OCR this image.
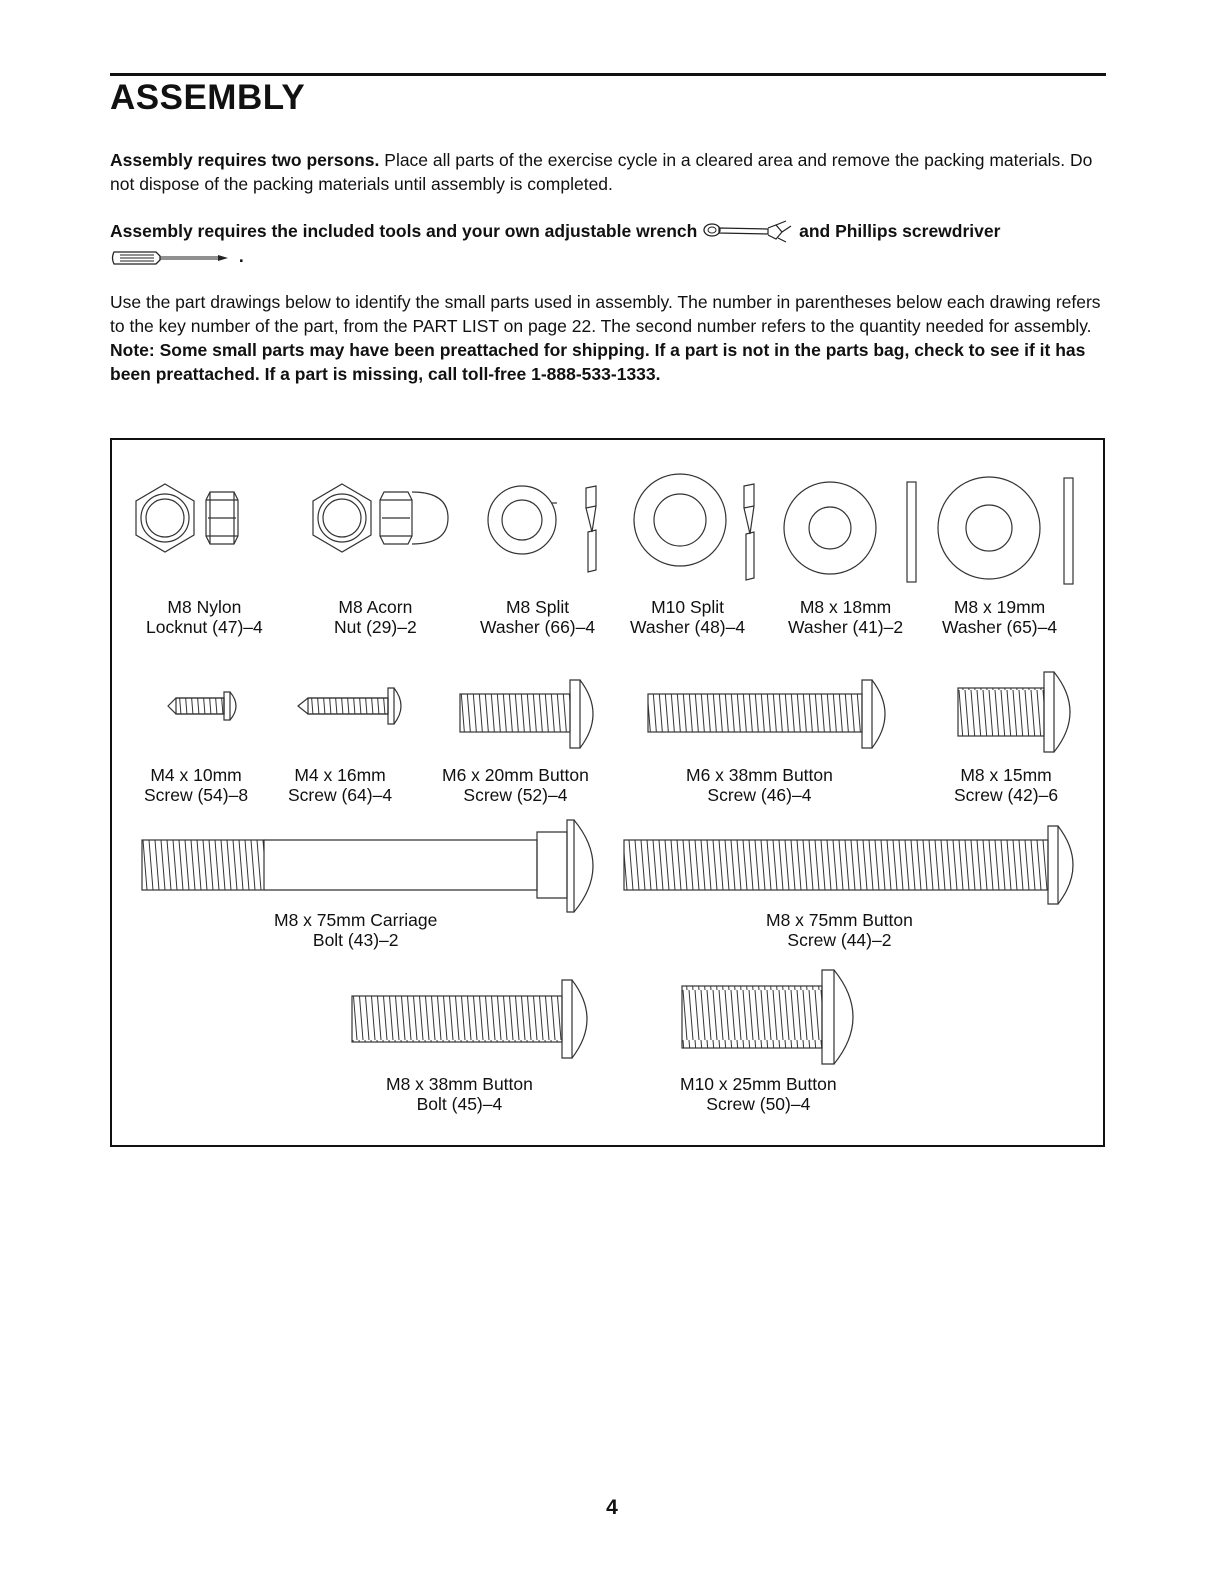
ASSEMBLY

Assembly requires two persons. Place all parts of the exercise cycle in a cleared area and remove the packing materials. Do not dispose of the packing materials until assembly is completed.

Assembly requires the included tools and your own adjustable wrench	and Phillips screwdriver  .

Use the part drawings below to identify the small parts used in assembly. The number in parentheses below each drawing refers to the key number of the part, from the PART LIST on page 22. The second number refers to the quantity needed for assembly. Note: Some small parts may have been preattached for shipping. If a part is not in the parts bag, check to see if it has been preattached. If a part is missing, call toll-free 1-888-533-1333.

M8 Nylon
Locknut (47)–4
M8 Acorn
Nut (29)–2
M8 Split
Washer (66)–4
M10 Split
Washer (48)–4
M8 x 18mm
Washer (41)–2
M8 x 19mm
Washer (65)–4
M4 x 10mm
Screw (54)–8
M4 x 16mm
Screw (64)–4
M6 x 20mm Button
Screw (52)–4
M6 x 38mm Button
Screw (46)–4
M8 x 15mm
Screw (42)–6
M8 x 75mm Carriage
Bolt (43)–2
M8 x 75mm Button
Screw (44)–2
M8 x 38mm Button
Bolt (45)–4
M10 x 25mm Button
Screw (50)–4
4
